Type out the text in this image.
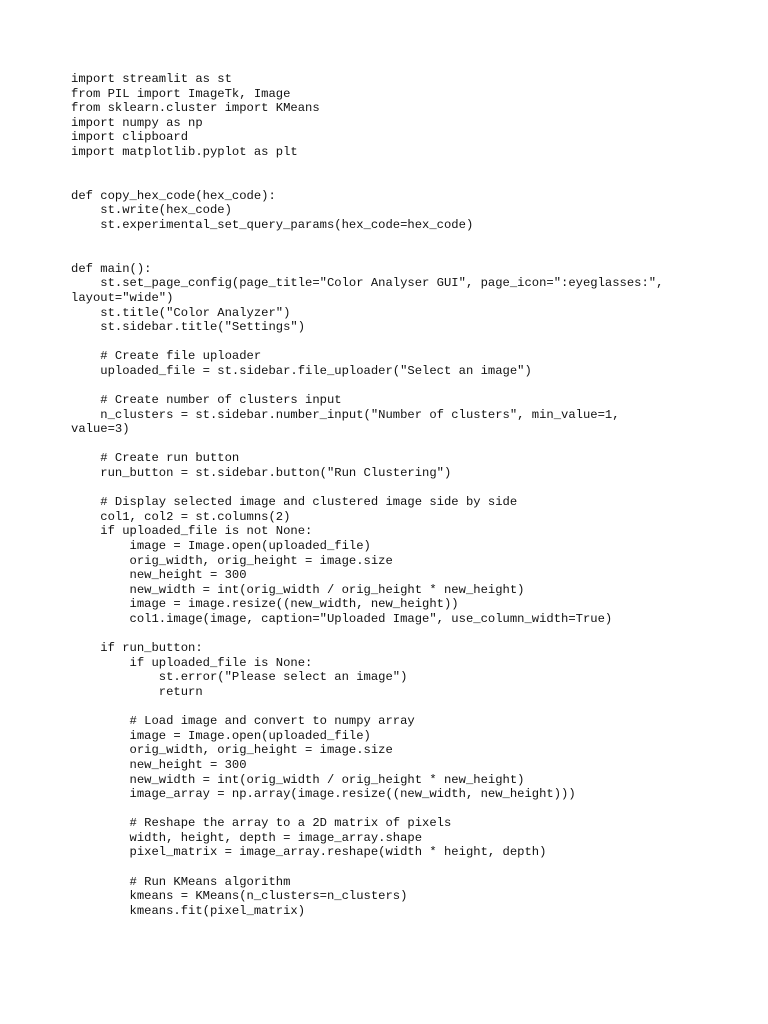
import streamlit as st
from PIL import ImageTk, Image
from sklearn.cluster import KMeans
import numpy as np
import clipboard
import matplotlib.pyplot as plt
def copy_hex_code(hex_code):
st.write(hex_code)
st.experimental_set_query_params(hex_code=hex_code)
def main():
st.set_page_config(page_title="Color Analyser GUI", page_icon=":eyeglasses:",
layout="wide")
st.title("Color Analyzer")
st.sidebar.title("Settings")
# Create file uploader
uploaded_file = st.sidebar.file_uploader("Select an image")
# Create number of clusters input
n_clusters = st.sidebar.number_input("Number of clusters", min_value=1,
value=3)
# Create run button
run_button = st.sidebar.button("Run Clustering")
# Display selected image and clustered image side by side
col1, col2 = st.columns(2)
if uploaded_file is not None:
image = Image.open(uploaded_file)
orig_width, orig_height = image.size
new_height = 300
new_width = int(orig_width / orig_height * new_height)
image = image.resize((new_width, new_height))
col1.image(image, caption="Uploaded Image", use_column_width=True)
if run_button:
if uploaded_file is None:
st.error("Please select an image")
return
# Load image and convert to numpy array
image = Image.open(uploaded_file)
orig_width, orig_height = image.size
new_height = 300
new_width = int(orig_width / orig_height * new_height)
image_array = np.array(image.resize((new_width, new_height)))
# Reshape the array to a 2D matrix of pixels
width, height, depth = image_array.shape
pixel_matrix = image_array.reshape(width * height, depth)
# Run KMeans algorithm
kmeans = KMeans(n_clusters=n_clusters)
kmeans.fit(pixel_matrix)
